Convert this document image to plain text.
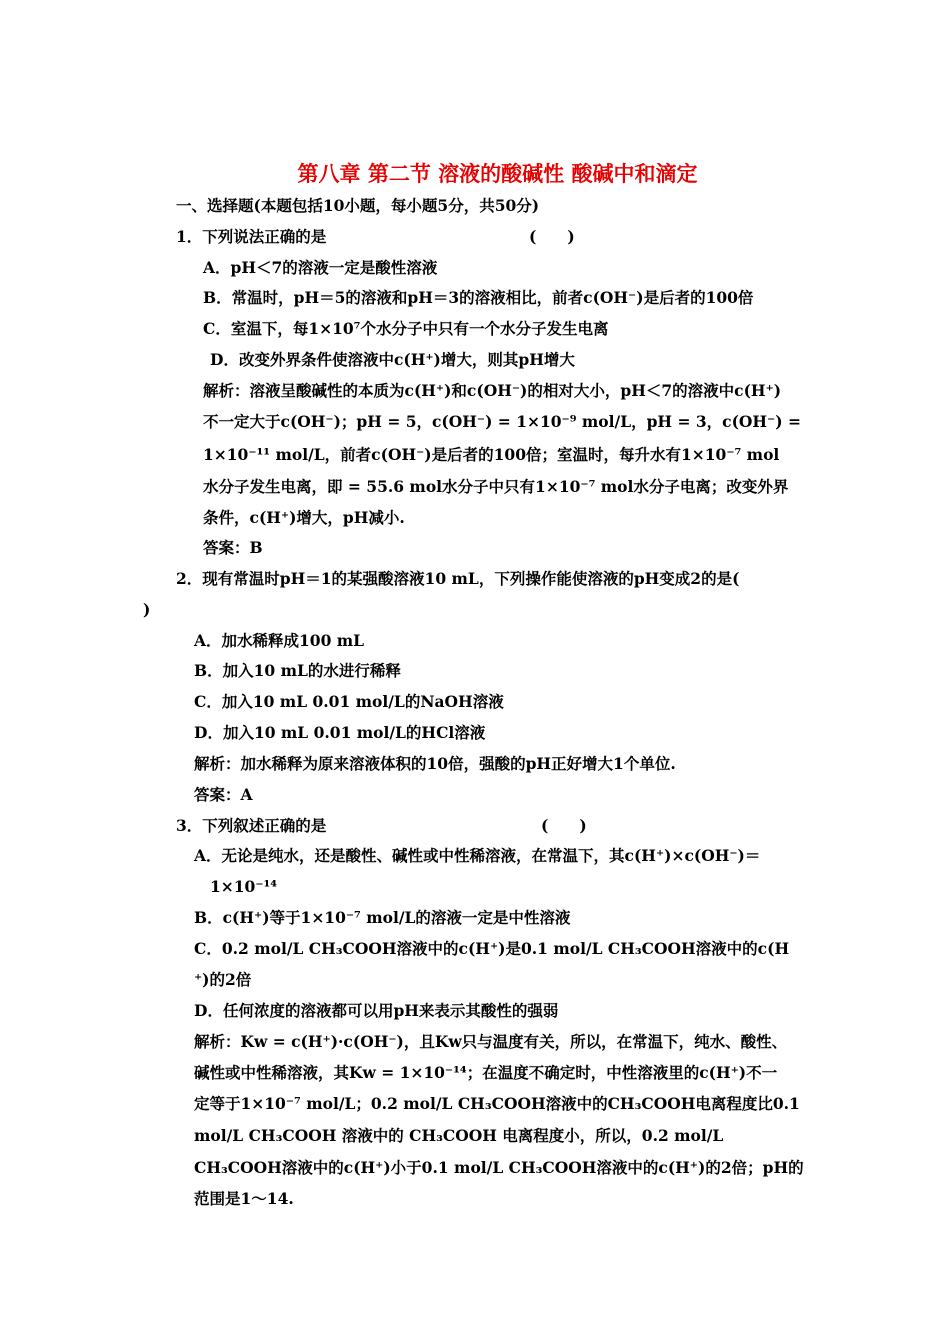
第八章 第二节 溶液的酸碱性 酸碱中和滴定
一、选择题(本题包括10小题，每小题5分，共50分)
1．下列说法正确的是	(　　)
A．pH＜7的溶液一定是酸性溶液
B．常温时，pH＝5的溶液和pH＝3的溶液相比，前者c(OH⁻)是后者的100倍
C．室温下，每1×10⁷个水分子中只有一个水分子发生电离
D．改变外界条件使溶液中c(H⁺)增大，则其pH增大
解析：溶液呈酸碱性的本质为c(H⁺)和c(OH⁻)的相对大小，pH＜7的溶液中c(H⁺)
不一定大于c(OH⁻)；pH = 5，c(OH⁻) = 1×10⁻⁹ mol/L，pH = 3，c(OH⁻) =
1×10⁻¹¹ mol/L，前者c(OH⁻)是后者的100倍；室温时，每升水有1×10⁻⁷ mol
水分子发生电离，即 = 55.6 mol水分子中只有1×10⁻⁷ mol水分子电离；改变外界
条件，c(H⁺)增大，pH减小.
答案：B
2．现有常温时pH＝1的某强酸溶液10 mL，下列操作能使溶液的pH变成2的是(
)
A．加水稀释成100 mL
B．加入10 mL的水进行稀释
C．加入10 mL 0.01 mol/L的NaOH溶液
D．加入10 mL 0.01 mol/L的HCl溶液
解析：加水稀释为原来溶液体积的10倍，强酸的pH正好增大1个单位.
答案：A
3．下列叙述正确的是	(　　)
A．无论是纯水，还是酸性、碱性或中性稀溶液，在常温下，其c(H⁺)×c(OH⁻)＝
1×10⁻¹⁴
B．c(H⁺)等于1×10⁻⁷ mol/L的溶液一定是中性溶液
C．0.2 mol/L CH₃COOH溶液中的c(H⁺)是0.1 mol/L CH₃COOH溶液中的c(H
⁺)的2倍
D．任何浓度的溶液都可以用pH来表示其酸性的强弱
解析：Kw = c(H⁺)·c(OH⁻)，且Kw只与温度有关，所以，在常温下，纯水、酸性、
碱性或中性稀溶液，其Kw = 1×10⁻¹⁴；在温度不确定时，中性溶液里的c(H⁺)不一
定等于1×10⁻⁷ mol/L；0.2 mol/L CH₃COOH溶液中的CH₃COOH电离程度比0.1
mol/L CH₃COOH 溶液中的 CH₃COOH 电离程度小，所以，0.2 mol/L
CH₃COOH溶液中的c(H⁺)小于0.1 mol/L CH₃COOH溶液中的c(H⁺)的2倍；pH的
范围是1～14.
